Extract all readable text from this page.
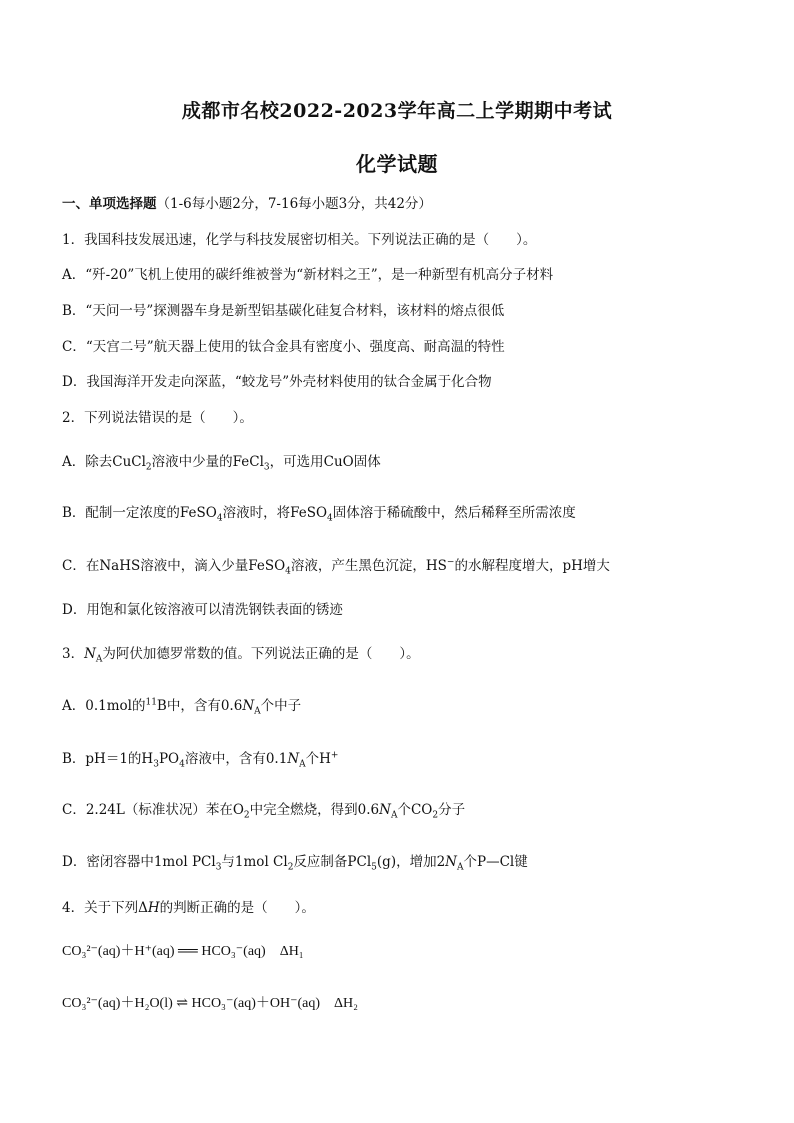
成都市名校2022-2023学年高二上学期期中考试
化学试题
一、单项选择题（1-6每小题2分，7-16每小题3分，共42分）
1．我国科技发展迅速，化学与科技发展密切相关。下列说法正确的是（　　）。
A．“歼-20”飞机上使用的碳纤维被誉为“新材料之王”，是一种新型有机高分子材料
B．“天问一号”探测器车身是新型铝基碳化硅复合材料，该材料的熔点很低
C．“天宫二号”航天器上使用的钛合金具有密度小、强度高、耐高温的特性
D．我国海洋开发走向深蓝，“蛟龙号”外壳材料使用的钛合金属于化合物
2．下列说法错误的是（　　）。
A．除去CuCl$_2$溶液中少量的FeCl$_3$，可选用CuO固体
B．配制一定浓度的FeSO$_4$溶液时，将FeSO$_4$固体溶于稀硫酸中，然后稀释至所需浓度
C．在NaHS溶液中，滴入少量FeSO$_4$溶液，产生黑色沉淀，HS−的水解程度增大，pH增大
D．用饱和氯化铵溶液可以清洗钢铁表面的锈迹
3．$N_A$为阿伏加德罗常数的值。下列说法正确的是（　　）。
A．0.1mol的$^{11}$B中，含有$0.6N_A$个中子
B．pH＝1的$H_3PO_4$溶液中，含有$0.1N_A$个H+
C．2.24L（标准状况）苯在$O_2$中完全燃烧，得到$0.6N_A$个$CO_2$分子
D．密闭容器中1mol PCl$_3$与1mol $Cl_2$反应制备PCl$_5$(g)，增加$2N_A$个P—Cl键
4．关于下列ΔH的判断正确的是（　　）。
CO₃²⁻(aq)＋H⁺(aq) ══ HCO₃⁻(aq)　ΔH₁
CO₃²⁻(aq)＋H₂O(l) ⇌ HCO₃⁻(aq)＋OH⁻(aq)　ΔH₂
